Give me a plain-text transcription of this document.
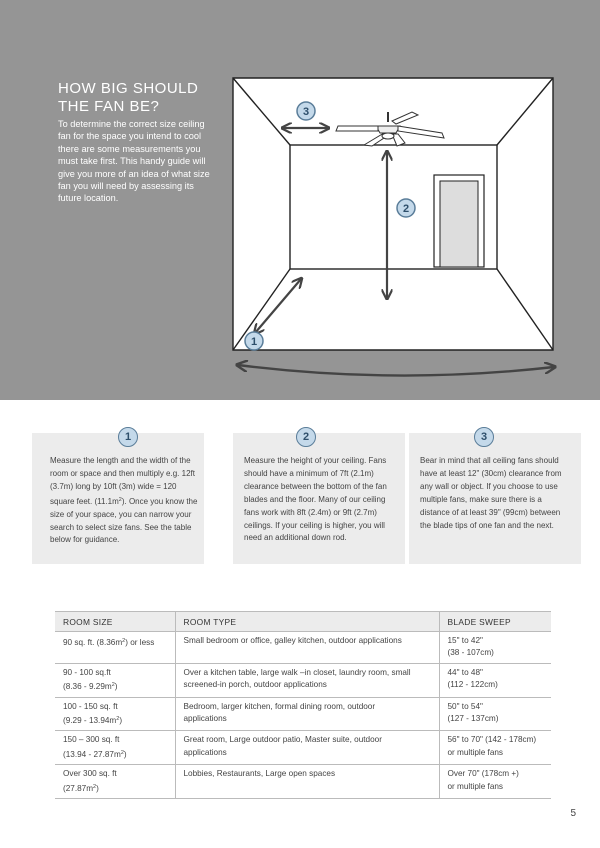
HOW BIG SHOULD
THE FAN BE?

To determine the correct size ceiling fan for the space you intend to cool there are some measurements you must take first. This handy guide will give you more of an idea of what size fan you will need by assessing its future location.

3
2
1
1

Measure the length and the width of the room or space and then multiply e.g. 12ft (3.7m) long by 10ft (3m) wide = 120 square feet. $(11.1m^2)$. Once you know the size of your space, you can narrow your search to select size fans. See the table below for guidance.

2

Measure the height of your ceiling. Fans should have a minimum of 7ft (2.1m) clearance between the bottom of the fan blades and the floor. Many of our ceiling fans work with 8ft (2.4m) or 9ft (2.7m) ceilings. If your ceiling is higher, you will need an additional down rod.

3

Bear in mind that all ceiling fans should have at least 12" (30cm) clearance from any wall or object. If you choose to use multiple fans, make sure there is a distance of at least 39" (99cm) between the blade tips of one fan and the next.

ROOM SIZE	ROOM TYPE	BLADE SWEEP

90 sq. ft. $(8.36m^2)$ or less	Small bedroom or office, galley kitchen, outdoor applications	15" to 42"
(38 - 107cm)

90 - 100 sq.ft
$(8.36 - 9.29m^2)$	Over a kitchen table, large walk –in closet, laundry room, small
screened-in porch, outdoor applications	44" to 48"
(112 - 122cm)

100 - 150 sq. ft
$(9.29 - 13.94m^2)$	Bedroom, larger kitchen, formal dining room, outdoor
applications	50" to 54"
(127 - 137cm)

150 – 300 sq. ft
$(13.94 - 27.87m^2)$	Great room, Large outdoor patio, Master suite, outdoor
applications	56" to 70" (142 - 178cm)
or multiple fans

Over 300 sq. ft
$(27.87m^2)$	Lobbies, Restaurants, Large open spaces	Over 70" (178cm +)
or multiple fans
5
